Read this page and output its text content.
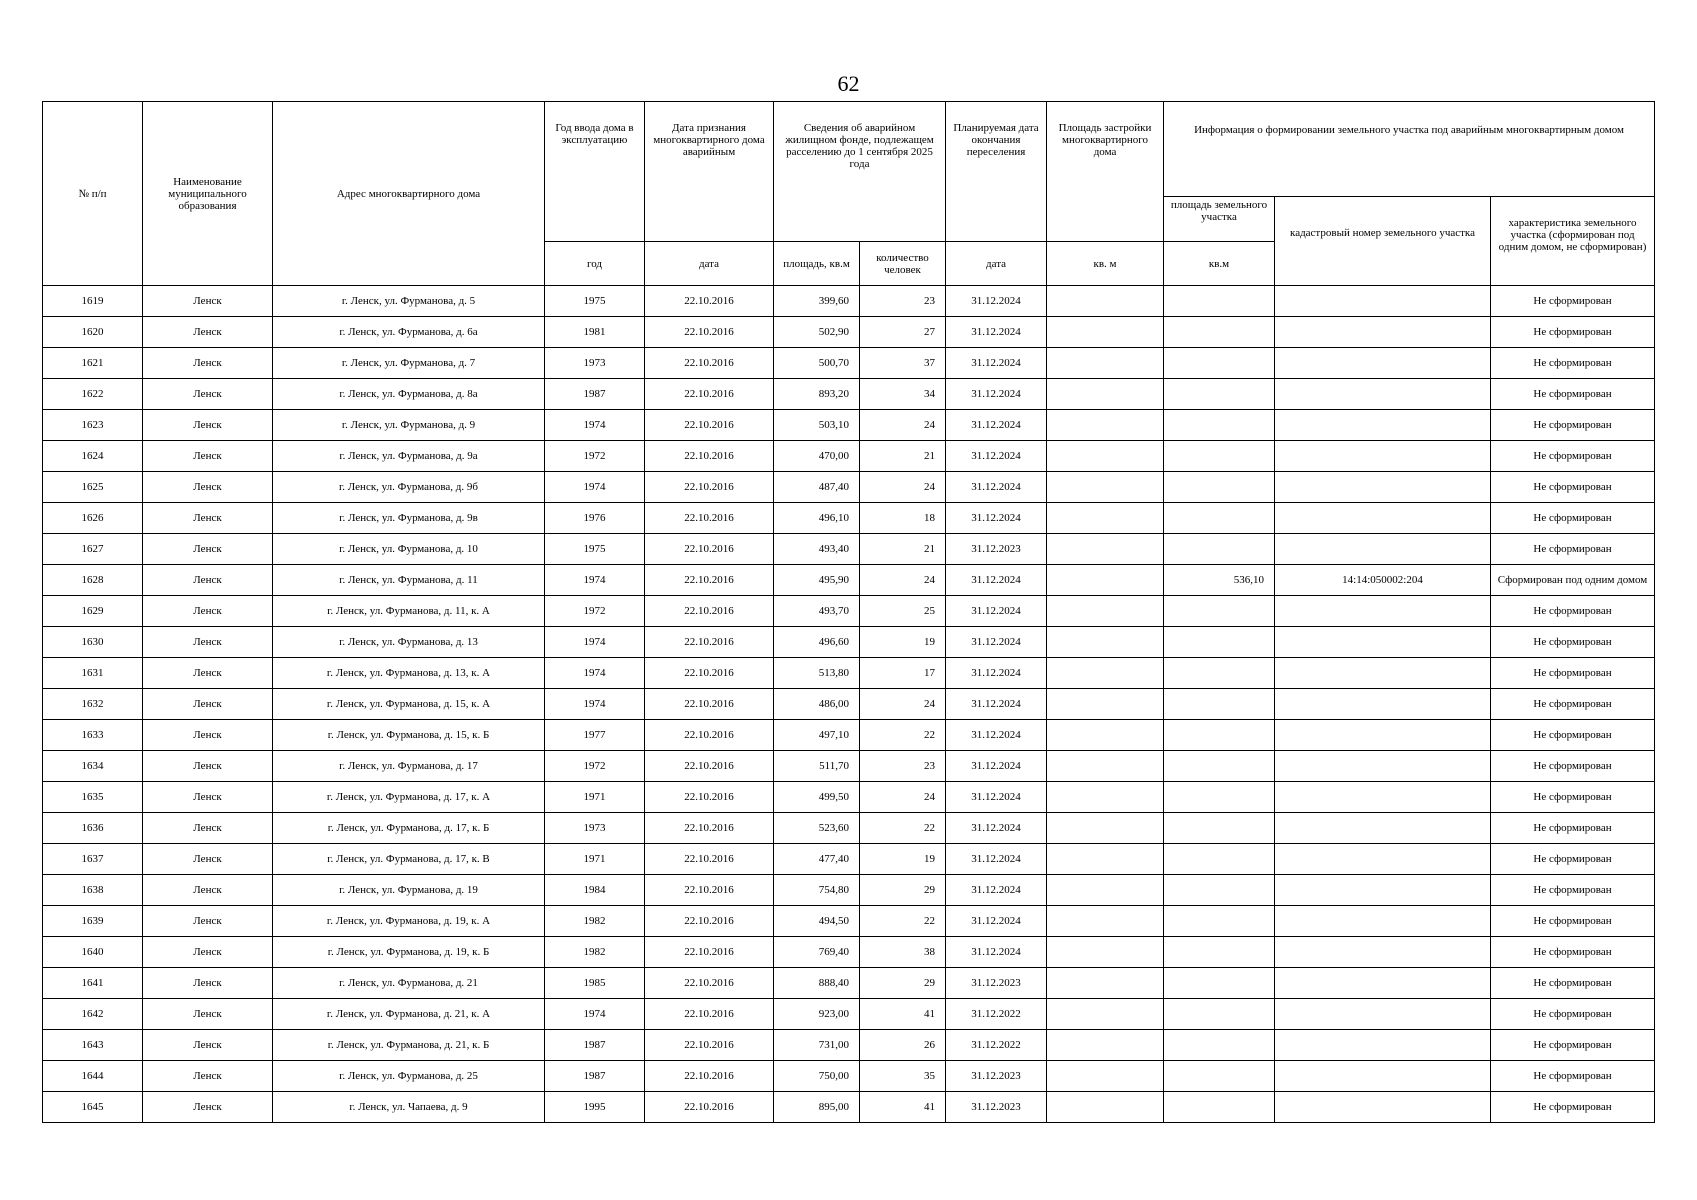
62
№ п/п	Наименование муниципального образования	Адрес многоквартирного дома	Год ввода дома в эксплуатацию	Дата признания многоквартирного дома аварийным	Сведения об аварийном жилищном фонде, подлежащем расселению до 1 сентября 2025 года		Планируемая дата окончания переселения	Площадь застройки многоквартирного дома	Информация о формировании земельного участка под аварийным многоквартирным домом		
									площадь земельного участка	кадастровый номер земельного участка	характеристика земельного участка (сформирован под одним домом, не сформирован)
			год	дата	площадь, кв.м	количество человек	дата	кв. м	кв.м		
1619	Ленск	г. Ленск, ул. Фурманова, д. 5	1975	22.10.2016	399,60	23	31.12.2024				Не сформирован
1620	Ленск	г. Ленск, ул. Фурманова, д. 6а	1981	22.10.2016	502,90	27	31.12.2024				Не сформирован
1621	Ленск	г. Ленск, ул. Фурманова, д. 7	1973	22.10.2016	500,70	37	31.12.2024				Не сформирован
1622	Ленск	г. Ленск, ул. Фурманова, д. 8а	1987	22.10.2016	893,20	34	31.12.2024				Не сформирован
1623	Ленск	г. Ленск, ул. Фурманова, д. 9	1974	22.10.2016	503,10	24	31.12.2024				Не сформирован
1624	Ленск	г. Ленск, ул. Фурманова, д. 9а	1972	22.10.2016	470,00	21	31.12.2024				Не сформирован
1625	Ленск	г. Ленск, ул. Фурманова, д. 9б	1974	22.10.2016	487,40	24	31.12.2024				Не сформирован
1626	Ленск	г. Ленск, ул. Фурманова, д. 9в	1976	22.10.2016	496,10	18	31.12.2024				Не сформирован
1627	Ленск	г. Ленск, ул. Фурманова, д. 10	1975	22.10.2016	493,40	21	31.12.2023				Не сформирован
1628	Ленск	г. Ленск, ул. Фурманова, д. 11	1974	22.10.2016	495,90	24	31.12.2024		536,10	14:14:050002:204	Сформирован под одним домом
1629	Ленск	г. Ленск, ул. Фурманова, д. 11, к. А	1972	22.10.2016	493,70	25	31.12.2024				Не сформирован
1630	Ленск	г. Ленск, ул. Фурманова, д. 13	1974	22.10.2016	496,60	19	31.12.2024				Не сформирован
1631	Ленск	г. Ленск, ул. Фурманова, д. 13, к. А	1974	22.10.2016	513,80	17	31.12.2024				Не сформирован
1632	Ленск	г. Ленск, ул. Фурманова, д. 15, к. А	1974	22.10.2016	486,00	24	31.12.2024				Не сформирован
1633	Ленск	г. Ленск, ул. Фурманова, д. 15, к. Б	1977	22.10.2016	497,10	22	31.12.2024				Не сформирован
1634	Ленск	г. Ленск, ул. Фурманова, д. 17	1972	22.10.2016	511,70	23	31.12.2024				Не сформирован
1635	Ленск	г. Ленск, ул. Фурманова, д. 17, к. А	1971	22.10.2016	499,50	24	31.12.2024				Не сформирован
1636	Ленск	г. Ленск, ул. Фурманова, д. 17, к. Б	1973	22.10.2016	523,60	22	31.12.2024				Не сформирован
1637	Ленск	г. Ленск, ул. Фурманова, д. 17, к. В	1971	22.10.2016	477,40	19	31.12.2024				Не сформирован
1638	Ленск	г. Ленск, ул. Фурманова, д. 19	1984	22.10.2016	754,80	29	31.12.2024				Не сформирован
1639	Ленск	г. Ленск, ул. Фурманова, д. 19, к. А	1982	22.10.2016	494,50	22	31.12.2024				Не сформирован
1640	Ленск	г. Ленск, ул. Фурманова, д. 19, к. Б	1982	22.10.2016	769,40	38	31.12.2024				Не сформирован
1641	Ленск	г. Ленск, ул. Фурманова, д. 21	1985	22.10.2016	888,40	29	31.12.2023				Не сформирован
1642	Ленск	г. Ленск, ул. Фурманова, д. 21, к. А	1974	22.10.2016	923,00	41	31.12.2022				Не сформирован
1643	Ленск	г. Ленск, ул. Фурманова, д. 21, к. Б	1987	22.10.2016	731,00	26	31.12.2022				Не сформирован
1644	Ленск	г. Ленск, ул. Фурманова, д. 25	1987	22.10.2016	750,00	35	31.12.2023				Не сформирован
1645	Ленск	г. Ленск, ул. Чапаева, д. 9	1995	22.10.2016	895,00	41	31.12.2023				Не сформирован
